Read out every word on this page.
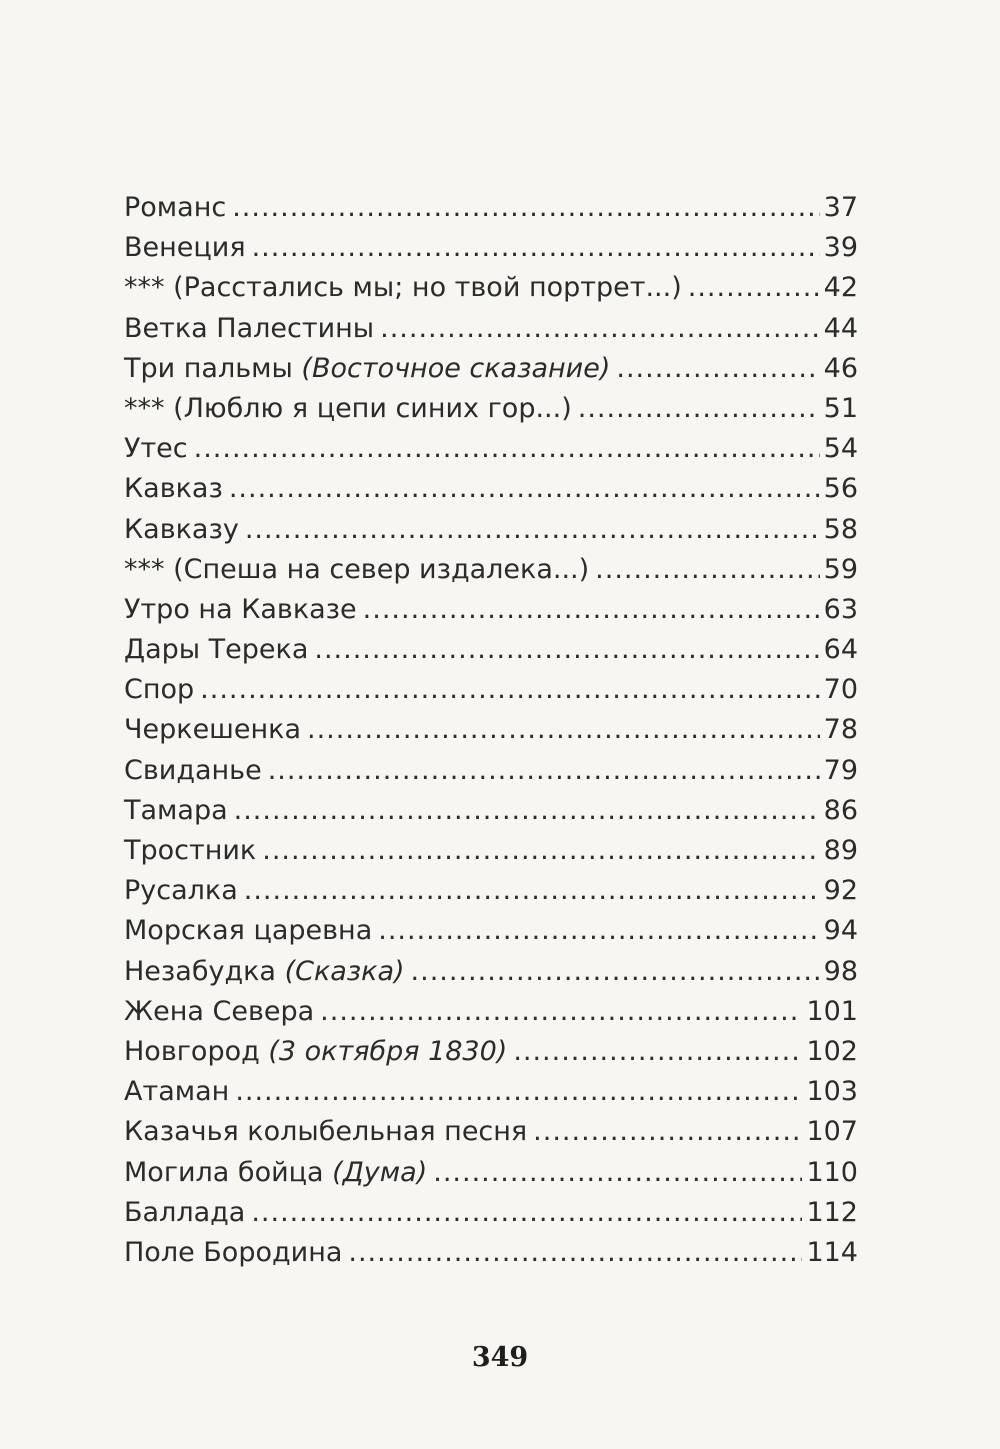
Романс .....	37
Венеция .....	39
*** (Расстались мы; но твой портрет...) .....	42
Ветка Палестины .....	44
Три пальмы (Восточное сказание) .....	46
*** (Люблю я цепи синих гор...) .....	51
Утес .....	54
Кавказ .....	56
Кавказу .....	58
*** (Спеша на север издалека...) .....	59
Утро на Кавказе .....	63
Дары Терека .....	64
Спор .....	70
Черкешенка .....	78
Свиданье .....	79
Тамара .....	86
Тростник .....	89
Русалка .....	92
Морская царевна .....	94
Незабудка (Сказка) .....	98
Жена Севера .....	101
Новгород (3 октября 1830) .....	102
Атаман .....	103
Казачья колыбельная песня .....	107
Могила бойца (Дума) .....	110
Баллада .....	112
Поле Бородина .....	114
349
